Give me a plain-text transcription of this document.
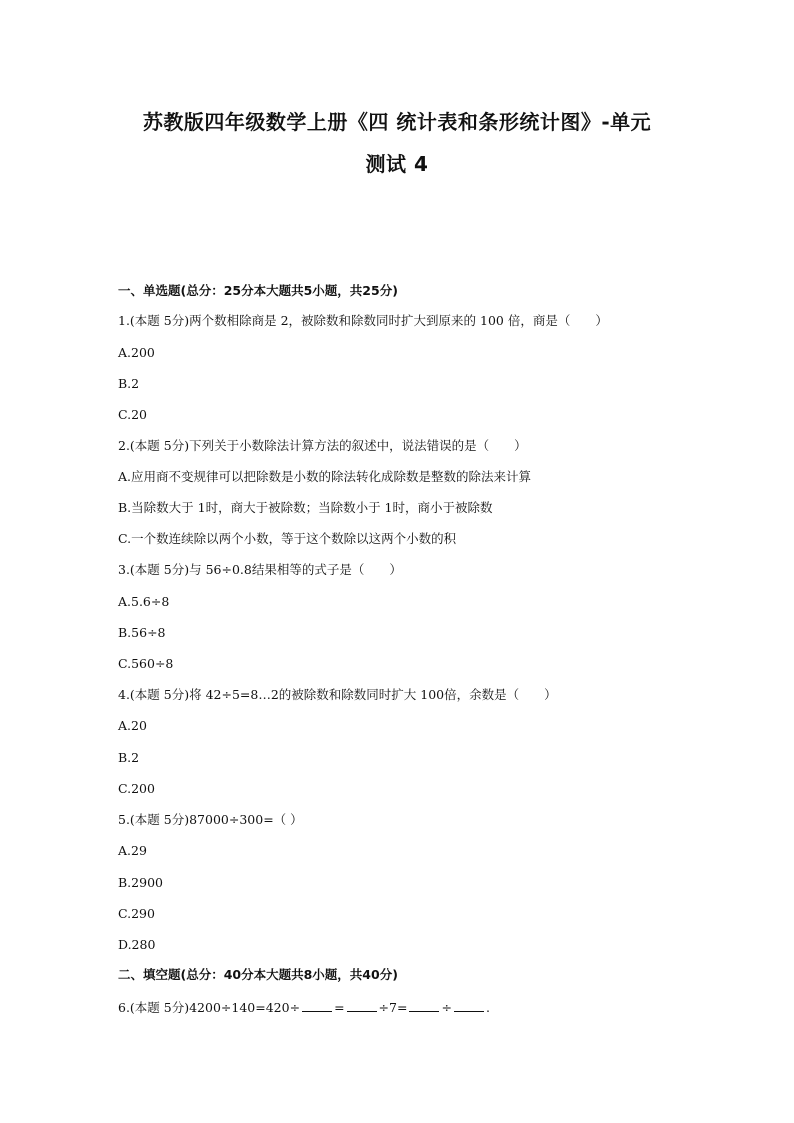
苏教版四年级数学上册《四 统计表和条形统计图》-单元
测试 4
一、单选题(总分：25分本大题共5小题，共25分)
1.(本题 5分)两个数相除商是 2，被除数和除数同时扩大到原来的 100 倍，商是（　　）
A.200
B.2
C.20
2.(本题 5分)下列关于小数除法计算方法的叙述中，说法错误的是（　　）
A.应用商不变规律可以把除数是小数的除法转化成除数是整数的除法来计算
B.当除数大于 1时，商大于被除数；当除数小于 1时，商小于被除数
C.一个数连续除以两个小数，等于这个数除以这两个小数的积
3.(本题 5分)与 56÷0.8结果相等的式子是（　　）
A.5.6÷8
B.56÷8
C.560÷8
4.(本题 5分)将 42÷5=8…2的被除数和除数同时扩大 100倍，余数是（　　）
A.20
B.2
C.200
5.(本题 5分)87000÷300=（ ）
A.29
B.2900
C.290
D.280
二、填空题(总分：40分本大题共8小题，共40分)
6.(本题 5分)4200÷140=420÷	=	÷7=	÷	.
